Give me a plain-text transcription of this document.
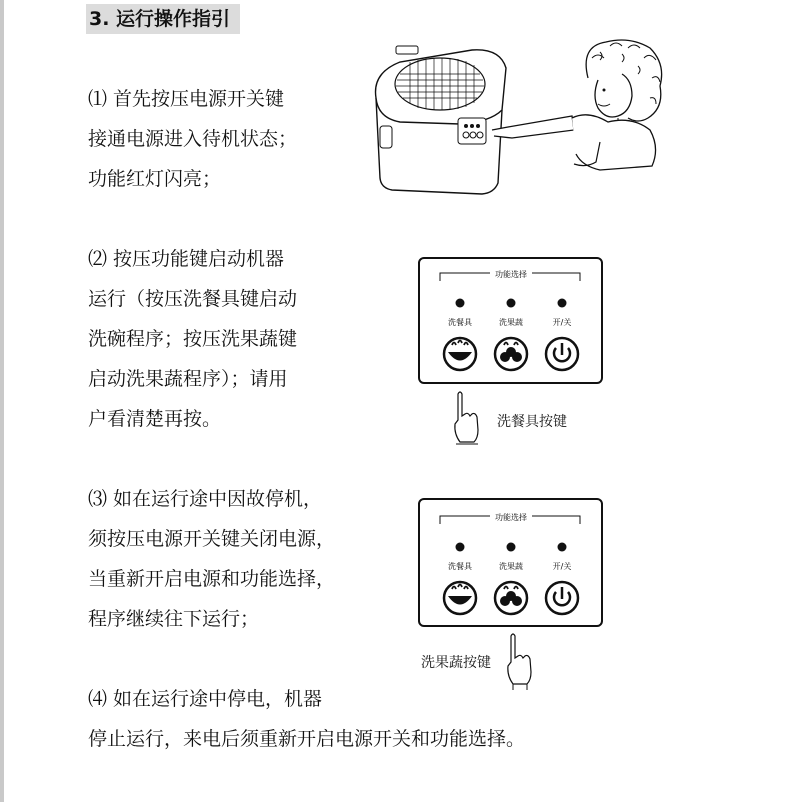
3. 运行操作指引
⑴ 首先按压电源开关键
接通电源进入待机状态；
功能红灯闪亮；
⑵ 按压功能键启动机器
运行（按压洗餐具键启动
洗碗程序；按压洗果蔬键
启动洗果蔬程序）；请用
户看清楚再按。
功能选择
洗餐具	洗果蔬	开/关
洗餐具按键
⑶ 如在运行途中因故停机，
须按压电源开关键关闭电源，
当重新开启电源和功能选择，
程序继续往下运行；
功能选择
洗餐具	洗果蔬	开/关
洗果蔬按键
⑷ 如在运行途中停电，机器
停止运行，来电后须重新开启电源开关和功能选择。
